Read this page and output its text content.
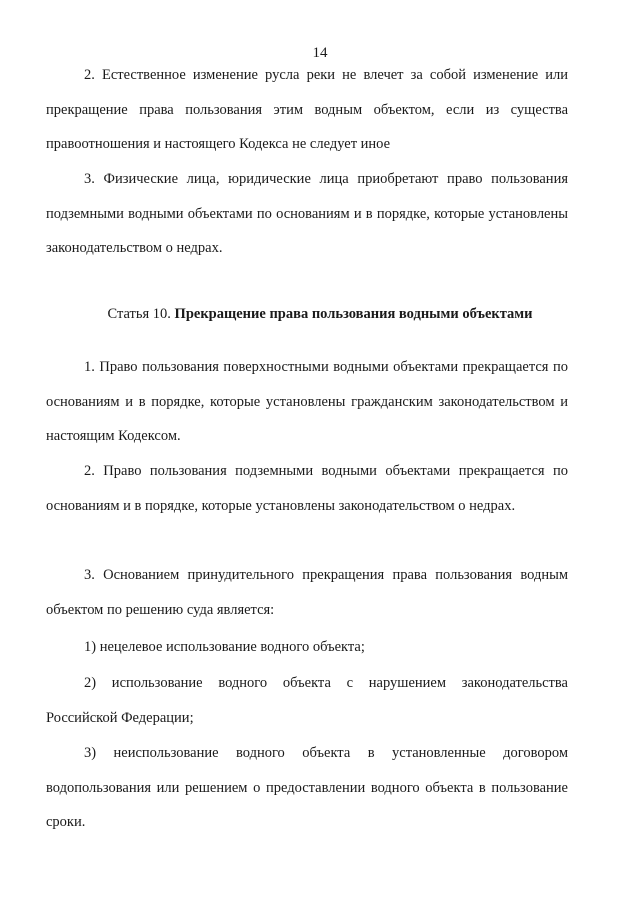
14

2. Естественное изменение русла реки не влечет за собой изменение или прекращение права пользования этим водным объектом, если из существа правоотношения и настоящего Кодекса не следует иное

3. Физические лица, юридические лица приобретают право пользования подземными водными объектами по основаниям и в порядке, которые установлены законодательством о недрах.

Статья 10. Прекращение права пользования водными объектами

1. Право пользования поверхностными водными объектами прекращается по основаниям и в порядке, которые установлены гражданским законодательством и настоящим Кодексом.

2. Право пользования подземными водными объектами прекращается по основаниям и в порядке, которые установлены законодательством о недрах.

3. Основанием принудительного прекращения права пользования водным объектом по решению суда является:

1) нецелевое использование водного объекта;

2) использование водного объекта с нарушением законодательства Российской Федерации;

3) неиспользование водного объекта в установленные договором водопользования или решением о предоставлении водного объекта в пользование сроки.
